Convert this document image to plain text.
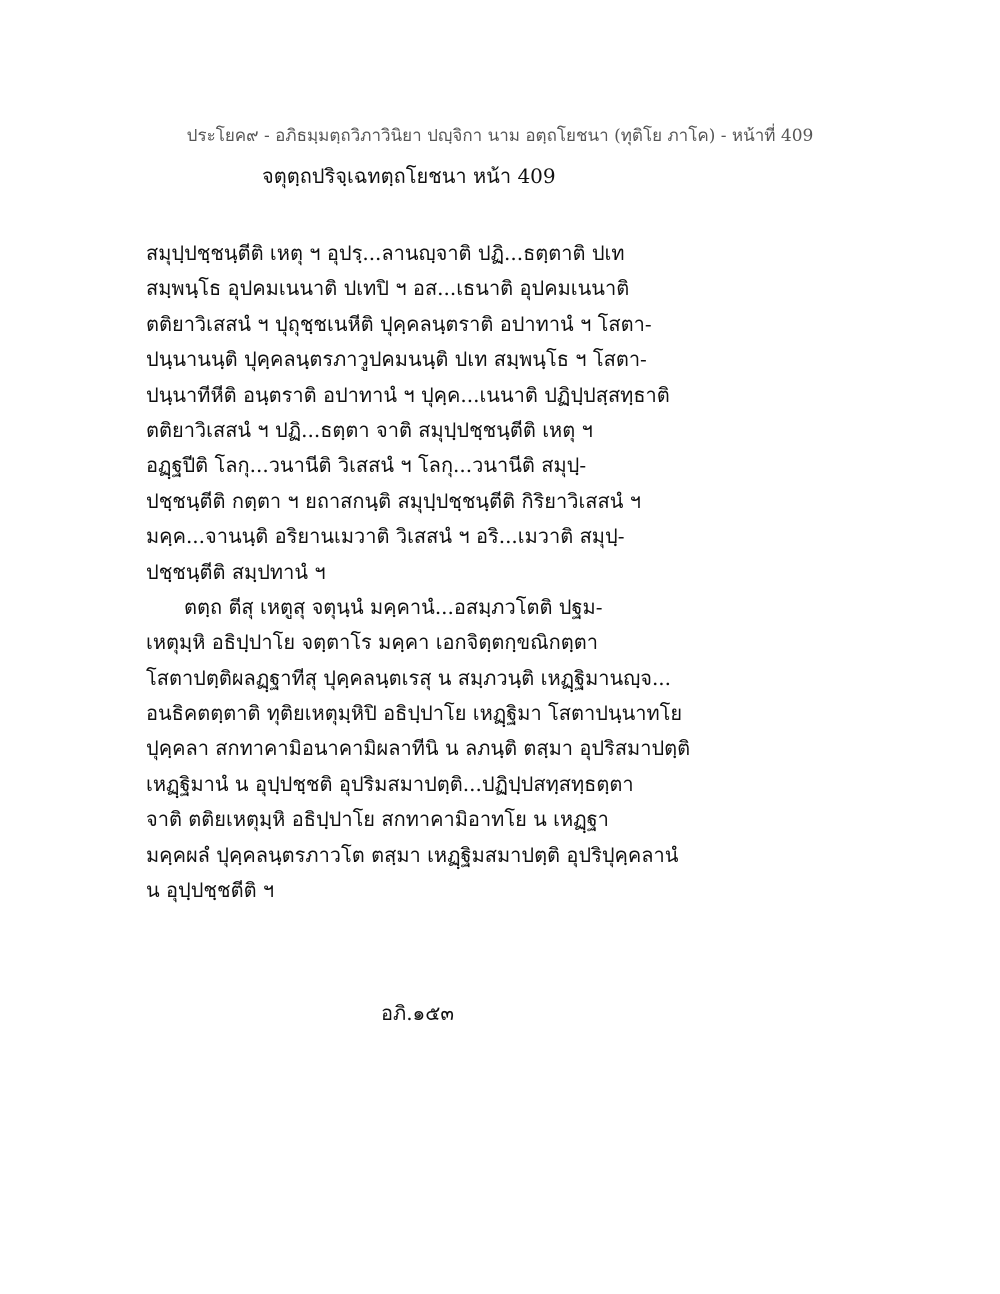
ประโยค๙ - อภิธมฺมตฺถวิภาวินิยา ปญฺจิกา นาม อตฺถโยชนา (ทุติโย ภาโค) - หน้าที่ 409
จตุตฺถปริจฺเฉทตฺถโยชนา หน้า 409
สมุปฺปชฺชนฺตีติ เหตุ ฯ อุปรฺ...ลานญฺจาติ ปฏิ...ธตฺตาติ ปเท
สมฺพนฺโธ อุปคมเนนาติ ปเทปิ ฯ อส...เธนาติ อุปคมเนนาติ
ตติยาวิเสสนํ ฯ ปุถุชฺชเนหีติ ปุคฺคลนฺตราติ อปาทานํ ฯ โสตา-
ปนฺนานนฺติ ปุคฺคลนฺตรภาวูปคมนนฺติ ปเท สมฺพนฺโธ ฯ โสตา-
ปนฺนาทีหีติ อนฺตราติ อปาทานํ ฯ ปุคฺค...เนนาติ ปฏิปฺปสฺสทฺธาติ
ตติยาวิเสสนํ ฯ ปฏิ...ธตฺตา จาติ สมุปฺปชฺชนฺตีติ เหตุ ฯ
อฏฺฐปีติ โลกุ...วนานีติ วิเสสนํ ฯ โลกุ...วนานีติ สมุปฺ-
ปชฺชนฺตีติ กตฺตา ฯ ยถาสกนฺติ สมุปฺปชฺชนฺตีติ กิริยาวิเสสนํ ฯ
มคฺค...จานนฺติ อริยานเมวาติ วิเสสนํ ฯ อริ...เมวาติ สมุปฺ-
ปชฺชนฺตีติ สมฺปทานํ ฯ
ตตฺถ ตีสุ เหตูสุ จตุนฺนํ มคฺคานํ...อสมฺภวโตติ ปฐม-
เหตุมฺหิ อธิปฺปาโย จตฺตาโร มคฺคา เอกจิตฺตกฺขณิกตฺตา
โสตาปตฺติผลฏฺฐาทีสุ ปุคฺคลนฺตเรสุ น สมฺภวนฺติ เหฏฺฐิมานญฺจ...
อนธิคตตฺตาติ ทุติยเหตุมฺหิปิ อธิปฺปาโย เหฏฺฐิมา โสตาปนฺนาทโย
ปุคฺคลา สกทาคามิอนาคามิผลาทีนิ น ลภนฺติ ตสฺมา อุปริสมาปตฺติ
เหฏฺฐิมานํ น อุปฺปชฺชติ อุปริมสมาปตฺติ...ปฏิปฺปสทฺสทฺธตฺตา
จาติ ตติยเหตุมฺหิ อธิปฺปาโย สกทาคามิอาทโย น เหฏฺฐา
มคฺคผลํ ปุคฺคลนฺตรภาวโต ตสฺมา เหฏฺฐิมสมาปตฺติ อุปริปุคฺคลานํ
น อุปฺปชฺชตีติ ฯ
อภิ.๑๕๓
